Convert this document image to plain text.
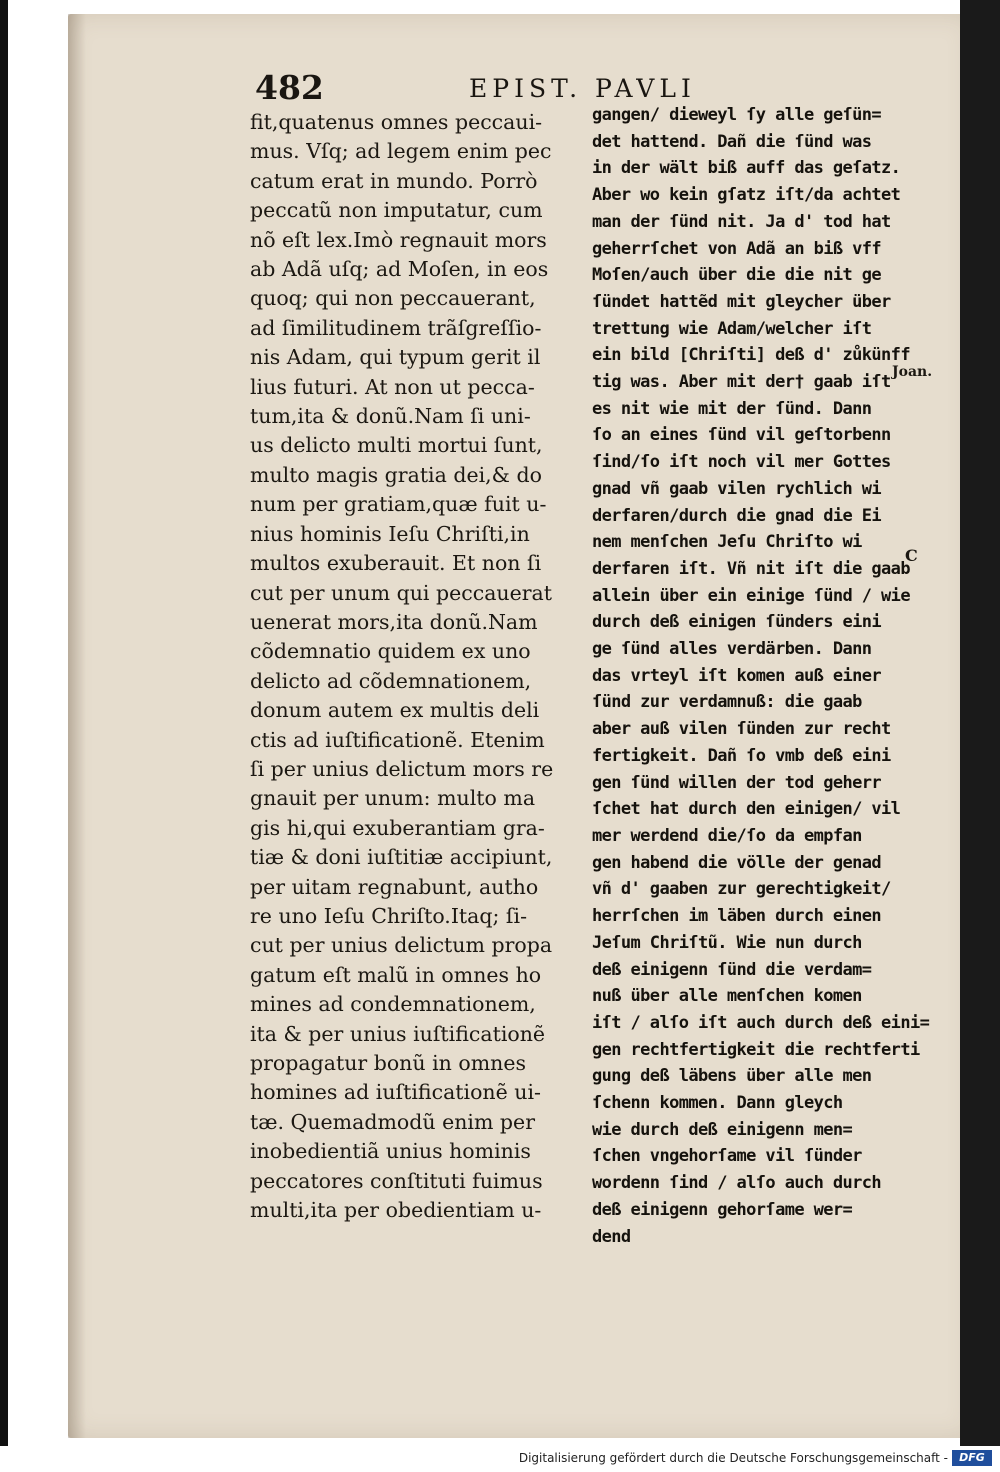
482	EPIST. PAVLI
fit,quatenus omnes peccaui-
mus. Vſq; ad legem enim pec
catum erat in mundo. Porrò
peccatũ non imputatur, cum
nõ eſt lex.Imò regnauit mors
ab Adã uſq; ad Moſen, in eos
quoq; qui non peccauerant,
ad ſimilitudinem trãſgreſſio-
nis Adam, qui typum gerit il
lius futuri. At non ut pecca-
tum,ita & donũ.Nam ſi uni-
us delicto multi mortui ſunt,
multo magis gratia dei,& do
num per gratiam,quæ fuit u-
nius hominis Ieſu Chriſti,in
multos exuberauit. Et non ſi
cut per unum qui peccauerat
uenerat mors,ita donũ.Nam
cõdemnatio quidem ex uno
delicto ad cõdemnationem,
donum autem ex multis deli
ctis ad iuſtificationẽ. Etenim
ſi per unius delictum mors re
gnauit per unum: multo ma
gis hi,qui exuberantiam gra-
tiæ & doni iuſtitiæ accipiunt,
per uitam regnabunt, autho
re uno Ieſu Chriſto.Itaq; ſi-
cut per unius delictum propa
gatum eſt malũ in omnes ho
mines ad condemnationem,
ita & per unius iuſtificationẽ
propagatur bonũ in omnes
homines ad iuſtificationẽ ui-
tæ. Quemadmodũ enim per
inobedientiã unius hominis
peccatores conſtituti fuimus
multi,ita per obedientiam u-
gangen/ dieweyl ſy alle geſün=
det hattend. Dañ die ſünd was
in der wält biß auff das geſatz.
Aber wo kein gſatz iſt/da achtet
man der ſünd nit. Ja d' tod hat
geherrſchet von Adã an biß vff
Moſen/auch über die die nit ge
ſündet hattẽd mit gleycher über
trettung wie Adam/welcher iſt
ein bild [Chriſti] deß d' zůkünff
tig was. Aber mit der† gaab iſt
es nit wie mit der ſünd. Dann
ſo an eines ſünd vil geſtorbenn
ſind/ſo iſt noch vil mer Gottes
gnad vñ gaab vilen rychlich wi
derfaren/durch die gnad die Ei
nem menſchen Jeſu Chriſto wi
derfaren iſt. Vñ nit iſt die gaab
allein über ein einige ſünd / wie
durch deß einigen ſünders eini
ge ſünd alles verdärben. Dann
das vrteyl iſt komen auß einer
ſünd zur verdamnuß: die gaab
aber auß vilen ſünden zur recht
fertigkeit. Dañ ſo vmb deß eini
gen ſünd willen der tod geherr
ſchet hat durch den einigen/ vil
mer werdend die/ſo da empfan
gen habend die völle der genad
vñ d' gaaben zur gerechtigkeit/
herrſchen im läben durch einen
Jeſum Chriſtũ. Wie nun durch
deß einigenn ſünd die verdam=
nuß über alle menſchen komen
iſt / alſo iſt auch durch deß eini=
gen rechtfertigkeit die rechtferti
gung deß läbens über alle men
ſchenn kommen. Dann gleych
wie durch deß einigenn men=
ſchen vngehorſame vil ſünder
wordenn ſind / alſo auch durch
deß einigenn gehorſame wer=
dend
Joan.
C
Digitalisierung gefördert durch die Deutsche Forschungsgemeinschaft -	DFG
